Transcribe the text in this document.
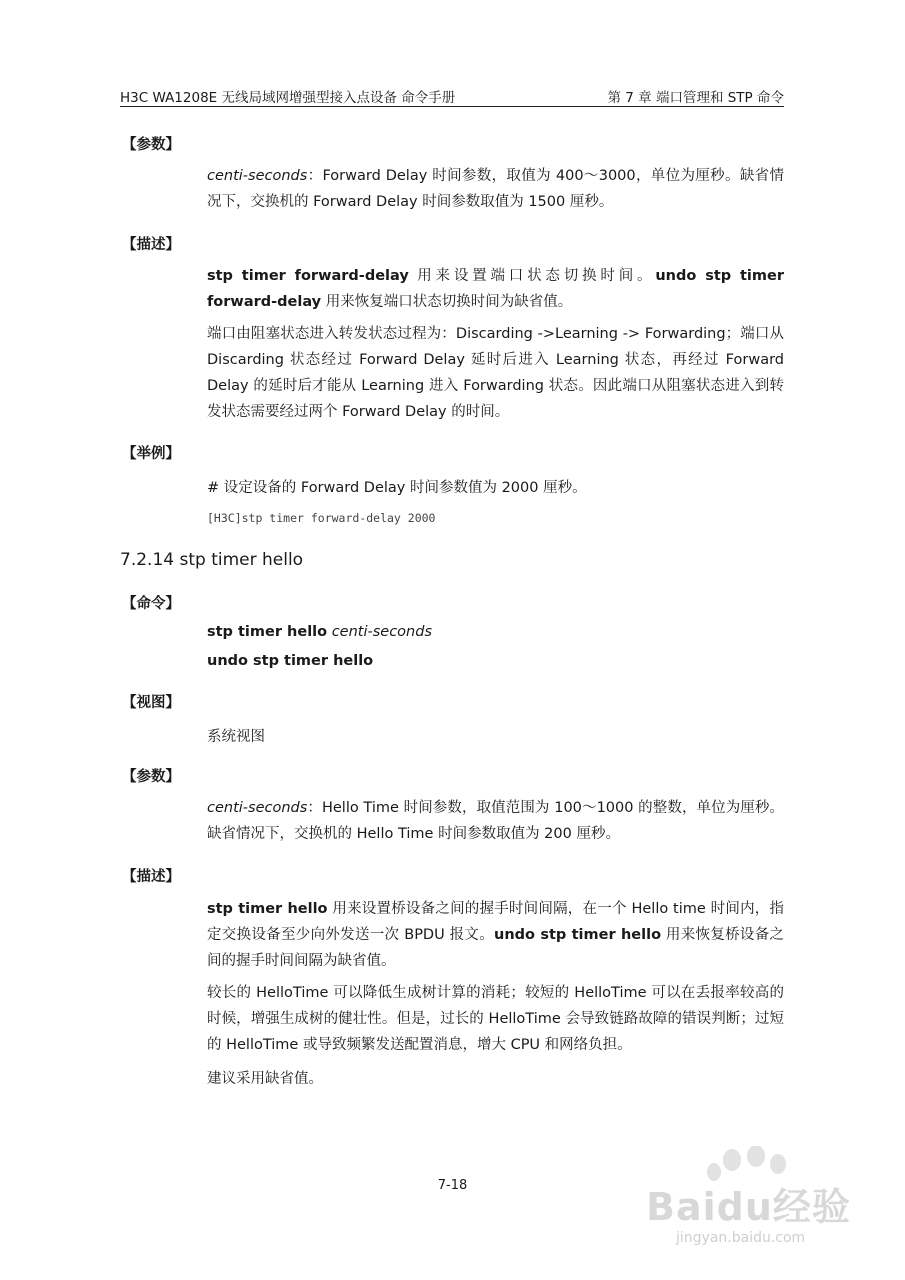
H3C WA1208E 无线局域网增强型接入点设备 命令手册	第 7 章 端口管理和 STP 命令
【参数】

centi-seconds：Forward Delay 时间参数，取值为 400～3000，单位为厘秒。缺省情况下，交换机的 Forward Delay 时间参数取值为 1500 厘秒。

【描述】

stp timer forward-delay 用来设置端口状态切换时间。undo stp timer forward-delay 用来恢复端口状态切换时间为缺省值。

端口由阻塞状态进入转发状态过程为：Discarding ->Learning -> Forwarding；端口从 Discarding 状态经过 Forward Delay 延时后进入 Learning 状态，再经过 Forward Delay 的延时后才能从 Learning 进入 Forwarding 状态。因此端口从阻塞状态进入到转发状态需要经过两个 Forward Delay 的时间。

【举例】
# 设定设备的 Forward Delay 时间参数值为 2000 厘秒。
[H3C]stp timer forward-delay 2000
7.2.14 stp timer hello
【命令】
stp timer hello centi-seconds
undo stp timer hello
【视图】
系统视图
【参数】

centi-seconds：Hello Time 时间参数，取值范围为 100～1000 的整数，单位为厘秒。缺省情况下，交换机的 Hello Time 时间参数取值为 200 厘秒。

【描述】

stp timer hello 用来设置桥设备之间的握手时间间隔，在一个 Hello time 时间内，指定交换设备至少向外发送一次 BPDU 报文。undo stp timer hello 用来恢复桥设备之间的握手时间间隔为缺省值。

较长的 HelloTime 可以降低生成树计算的消耗；较短的 HelloTime 可以在丢报率较高的时候，增强生成树的健壮性。但是，过长的 HelloTime 会导致链路故障的错误判断；过短的 HelloTime 或导致频繁发送配置消息，增大 CPU 和网络负担。

建议采用缺省值。

7-18	Baidu经验
jingyan.baidu.com
